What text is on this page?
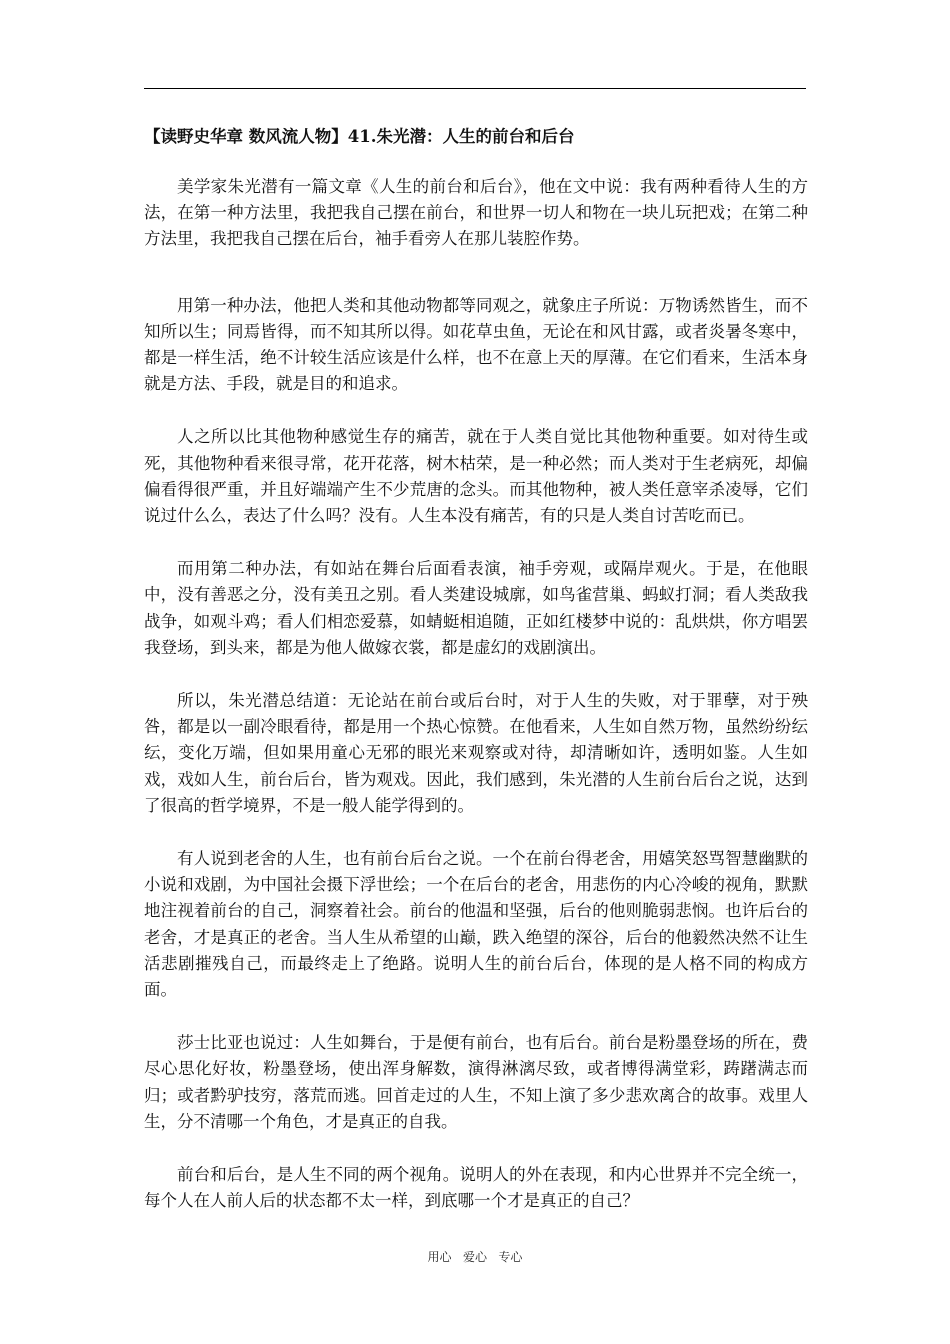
【读野史华章 数风流人物】41.朱光潜：人生的前台和后台

美学家朱光潜有一篇文章《人生的前台和后台》，他在文中说：我有两种看待人生的方法，在第一种方法里，我把我自己摆在前台，和世界一切人和物在一块儿玩把戏；在第二种方法里，我把我自己摆在后台，袖手看旁人在那儿装腔作势。

用第一种办法，他把人类和其他动物都等同观之，就象庄子所说：万物诱然皆生，而不知所以生；同焉皆得，而不知其所以得。如花草虫鱼，无论在和风甘露，或者炎暑冬寒中，都是一样生活，绝不计较生活应该是什么样，也不在意上天的厚薄。在它们看来，生活本身就是方法、手段，就是目的和追求。

人之所以比其他物种感觉生存的痛苦，就在于人类自觉比其他物种重要。如对待生或死，其他物种看来很寻常，花开花落，树木枯荣，是一种必然；而人类对于生老病死，却偏偏看得很严重，并且好端端产生不少荒唐的念头。而其他物种，被人类任意宰杀凌辱，它们说过什么么，表达了什么吗？没有。人生本没有痛苦，有的只是人类自讨苦吃而已。

而用第二种办法，有如站在舞台后面看表演，袖手旁观，或隔岸观火。于是，在他眼中，没有善恶之分，没有美丑之别。看人类建设城廓，如鸟雀营巢、蚂蚁打洞；看人类敌我战争，如观斗鸡；看人们相恋爱慕，如蜻蜓相追随，正如红楼梦中说的：乱烘烘，你方唱罢我登场，到头来，都是为他人做嫁衣裳，都是虚幻的戏剧演出。

所以，朱光潜总结道：无论站在前台或后台时，对于人生的失败，对于罪孽，对于殃咎，都是以一副冷眼看待，都是用一个热心惊赞。在他看来，人生如自然万物，虽然纷纷纭纭，变化万端，但如果用童心无邪的眼光来观察或对待，却清晰如许，透明如鉴。人生如戏，戏如人生，前台后台，皆为观戏。因此，我们感到，朱光潜的人生前台后台之说，达到了很高的哲学境界，不是一般人能学得到的。

有人说到老舍的人生，也有前台后台之说。一个在前台得老舍，用嬉笑怒骂智慧幽默的小说和戏剧，为中国社会摄下浮世绘；一个在后台的老舍，用悲伤的内心冷峻的视角，默默地注视着前台的自己，洞察着社会。前台的他温和坚强，后台的他则脆弱悲悯。也许后台的老舍，才是真正的老舍。当人生从希望的山巅，跌入绝望的深谷，后台的他毅然决然不让生活悲剧摧残自己，而最终走上了绝路。说明人生的前台后台，体现的是人格不同的构成方面。

莎士比亚也说过：人生如舞台，于是便有前台，也有后台。前台是粉墨登场的所在，费尽心思化好妆，粉墨登场，使出浑身解数，演得淋漓尽致，或者博得满堂彩，踌躇满志而归；或者黔驴技穷，落荒而逃。回首走过的人生，不知上演了多少悲欢离合的故事。戏里人生，分不清哪一个角色，才是真正的自我。

前台和后台，是人生不同的两个视角。说明人的外在表现，和内心世界并不完全统一，每个人在人前人后的状态都不太一样，到底哪一个才是真正的自己？

用心   爱心   专心
